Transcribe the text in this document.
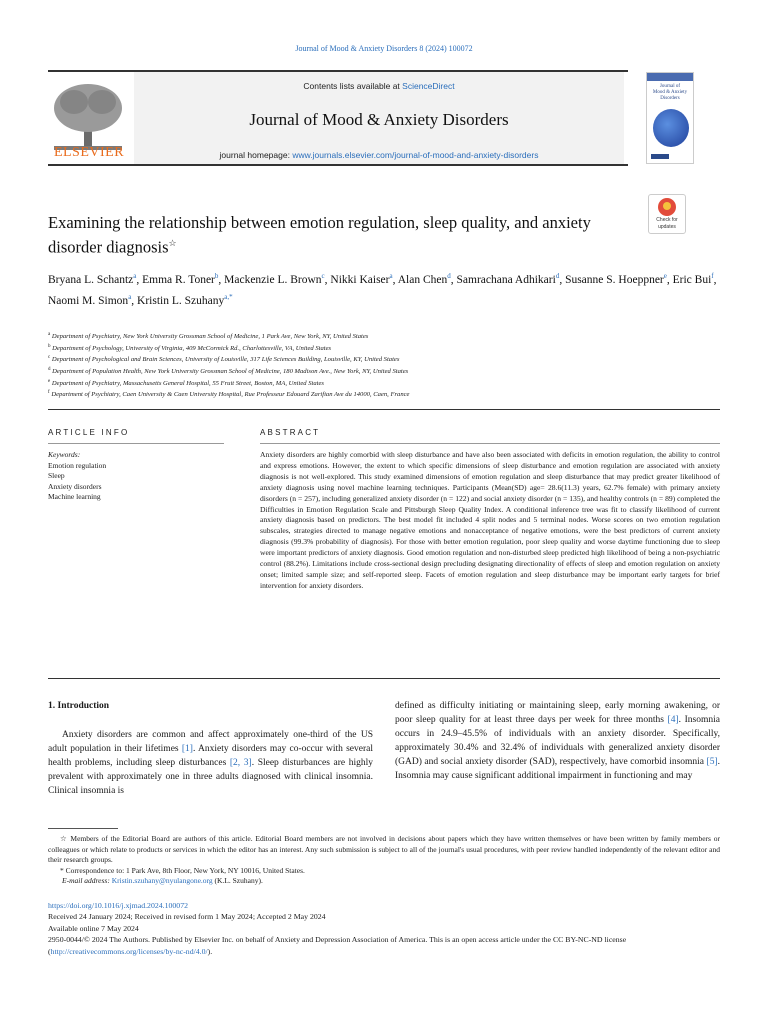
Journal of Mood & Anxiety Disorders 8 (2024) 100072
ELSEVIER
Contents lists available at ScienceDirect
Journal of Mood & Anxiety Disorders
journal homepage: www.journals.elsevier.com/journal-of-mood-and-anxiety-disorders
Journal of
Mood & Anxiety
Disorders
Check for
updates
Examining the relationship between emotion regulation, sleep quality, and anxiety disorder diagnosis☆
Bryana L. Schantz$^a$, Emma R. Toner$^b$, Mackenzie L. Brown$^c$, Nikki Kaiser$^a$, Alan Chen$^d$, Samrachana Adhikari$^d$, Susanne S. Hoeppner$^e$, Eric Bui$^f$, Naomi M. Simon$^a$, Kristin L. Szuhany$^{a,*}$
$^a$ Department of Psychiatry, New York University Grossman School of Medicine, 1 Park Ave, New York, NY, United States
$^b$ Department of Psychology, University of Virginia, 409 McCormick Rd., Charlottesville, VA, United States
$^c$ Department of Psychological and Brain Sciences, University of Louisville, 317 Life Sciences Building, Louisville, KY, United States
$^d$ Department of Population Health, New York University Grossman School of Medicine, 180 Madison Ave., New York, NY, United States
$^e$ Department of Psychiatry, Massachusetts General Hospital, 55 Fruit Street, Boston, MA, United States
$^f$ Department of Psychiatry, Caen University & Caen University Hospital, Rue Professeur Edouard Zarifian Ave du 14000, Caen, France
ARTICLE INFO
Keywords:
Emotion regulation
Sleep
Anxiety disorders
Machine learning
ABSTRACT
Anxiety disorders are highly comorbid with sleep disturbance and have also been associated with deficits in emotion regulation, the ability to control and express emotions. However, the extent to which specific dimensions of sleep disturbance and emotion regulation are associated with anxiety diagnosis is not well-explored. This study examined dimensions of emotion regulation and sleep disturbance that may predict greater likelihood of anxiety diagnosis using novel machine learning techniques. Participants (Mean(SD) age= 28.6(11.3) years, 62.7% female) with primary anxiety disorders (n = 257), including generalized anxiety disorder (n = 122) and social anxiety disorder (n = 135), and healthy controls (n = 89) completed the Difficulties in Emotion Regulation Scale and Pittsburgh Sleep Quality Index. A conditional inference tree was fit to classify likelihood of current anxiety diagnosis based on predictors. The best model fit included 4 split nodes and 5 terminal nodes. Worse scores on two emotion regulation subscales, strategies directed to manage negative emotions and nonacceptance of negative emotions, were the best predictors of current anxiety diagnosis (99.3% probability of diagnosis). For those with better emotion regulation, poor sleep quality and worse daytime functioning due to sleep were important predictors of anxiety diagnosis. Good emotion regulation and non-disturbed sleep predicted high likelihood of being a non-psychiatric control (88.2%). Limitations include cross-sectional design precluding designating directionality of effects of sleep and emotion regulation on anxiety onset; limited sample size; and self-reported sleep. Facets of emotion regulation and sleep disturbance may be important early targets for brief intervention for anxiety disorders.
1. Introduction

Anxiety disorders are common and affect approximately one-third of the US adult population in their lifetimes [1]. Anxiety disorders may co-occur with several health problems, including sleep disturbances [2, 3]. Sleep disturbances are highly prevalent with approximately one in three adults diagnosed with clinical insomnia. Clinical insomnia is

defined as difficulty initiating or maintaining sleep, early morning awakening, or poor sleep quality for at least three days per week for three months [4]. Insomnia occurs in 24.9–45.5% of individuals with an anxiety disorder. Specifically, approximately 30.4% and 32.4% of individuals with generalized anxiety disorder (GAD) and social anxiety disorder (SAD), respectively, have comorbid insomnia [5]. Insomnia may cause significant additional impairment in functioning and may

☆ Members of the Editorial Board are authors of this article. Editorial Board members are not involved in decisions about papers which they have written themselves or have been written by family members or colleagues or which relate to products or services in which the editor has an interest. Any such submission is subject to all of the journal's usual procedures, with peer review handled independently of the relevant editor and their research groups.
* Correspondence to: 1 Park Ave, 8th Floor, New York, NY 10016, United States.
E-mail address: Kristin.szuhany@nyulangone.org (K.L. Szuhany).
https://doi.org/10.1016/j.xjmad.2024.100072
Received 24 January 2024; Received in revised form 1 May 2024; Accepted 2 May 2024
Available online 7 May 2024
2950-0044/© 2024 The Authors. Published by Elsevier Inc. on behalf of Anxiety and Depression Association of America. This is an open access article under the CC BY-NC-ND license (http://creativecommons.org/licenses/by-nc-nd/4.0/).
